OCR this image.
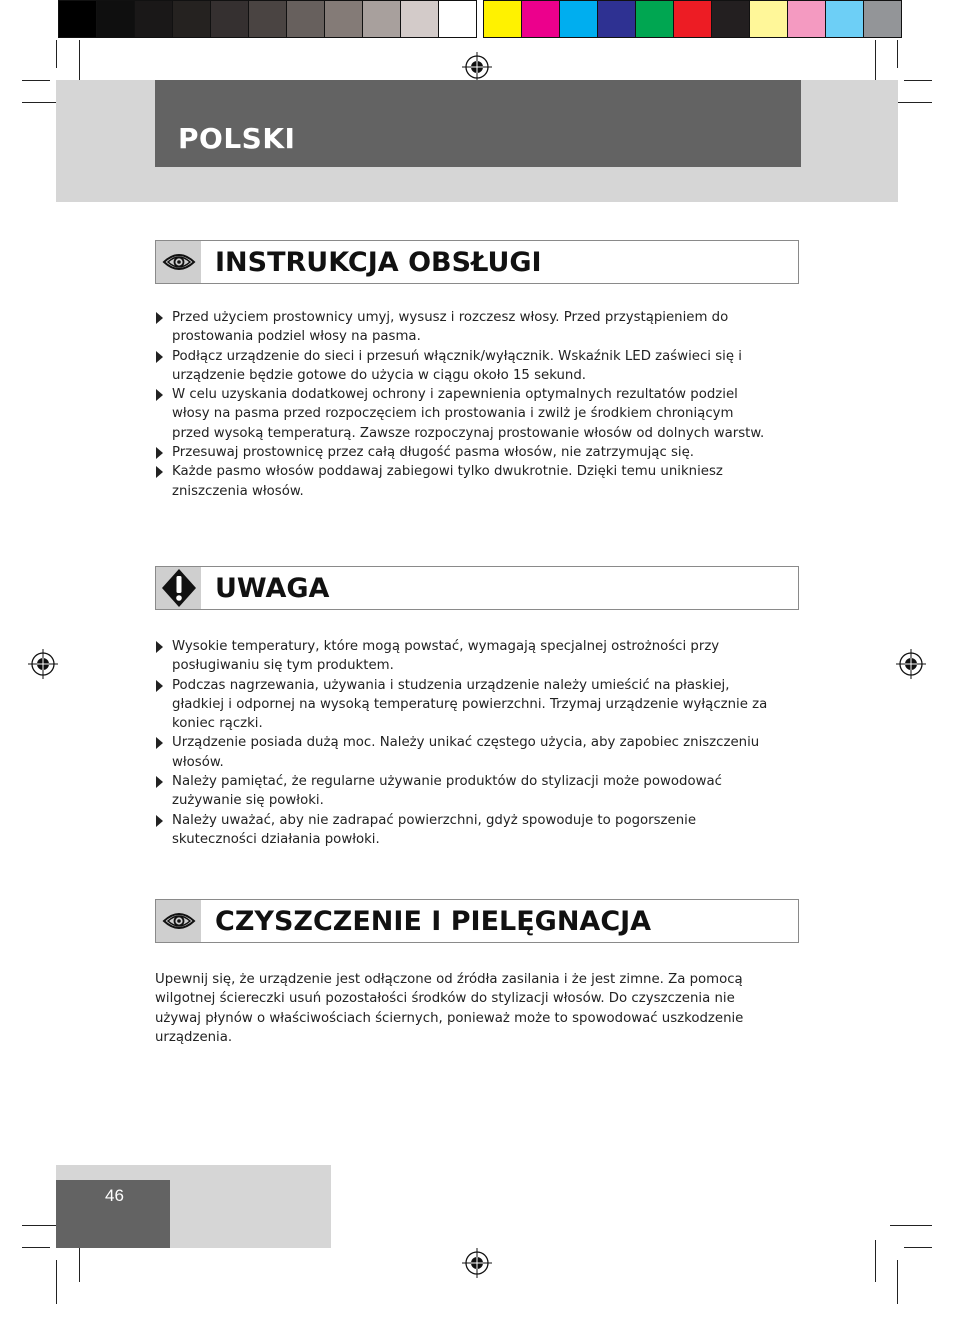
POLSKI
INSTRUKCJA OBSŁUGI
Przed użyciem prostownicy umyj, wysusz i rozczesz włosy. Przed przystąpieniem do prostowania podziel włosy na pasma.
Podłącz urządzenie do sieci i przesuń włącznik/wyłącznik. Wskaźnik LED zaświeci się i urządzenie będzie gotowe do użycia w ciągu około 15 sekund.
W celu uzyskania dodatkowej ochrony i zapewnienia optymalnych rezultatów podziel włosy na pasma przed rozpoczęciem ich prostowania i zwilż je środkiem chroniącym przed wysoką temperaturą. Zawsze rozpoczynaj prostowanie włosów od dolnych warstw.
Przesuwaj prostownicę przez całą długość pasma włosów, nie zatrzymując się.
Każde pasmo włosów poddawaj zabiegowi tylko dwukrotnie. Dzięki temu unikniesz zniszczenia włosów.
UWAGA
Wysokie temperatury, które mogą powstać, wymagają specjalnej ostrożności przy posługiwaniu się tym produktem.
Podczas nagrzewania, używania i studzenia urządzenie należy umieścić na płaskiej, gładkiej i odpornej na wysoką temperaturę powierzchni. Trzymaj urządzenie wyłącznie za koniec rączki.
Urządzenie posiada dużą moc. Należy unikać częstego użycia, aby zapobiec zniszczeniu włosów.
Należy pamiętać, że regularne używanie produktów do stylizacji może powodować zużywanie się powłoki.
Należy uważać, aby nie zadrapać powierzchni, gdyż spowoduje to pogorszenie skuteczności działania powłoki.
CZYSZCZENIE I PIELĘGNACJA

Upewnij się, że urządzenie jest odłączone od źródła zasilania i że jest zimne. Za pomocą wilgotnej ściereczki usuń pozostałości środków do stylizacji włosów. Do czyszczenia nie używaj płynów o właściwościach ściernych, ponieważ może to spowodować uszkodzenie urządzenia.

46
